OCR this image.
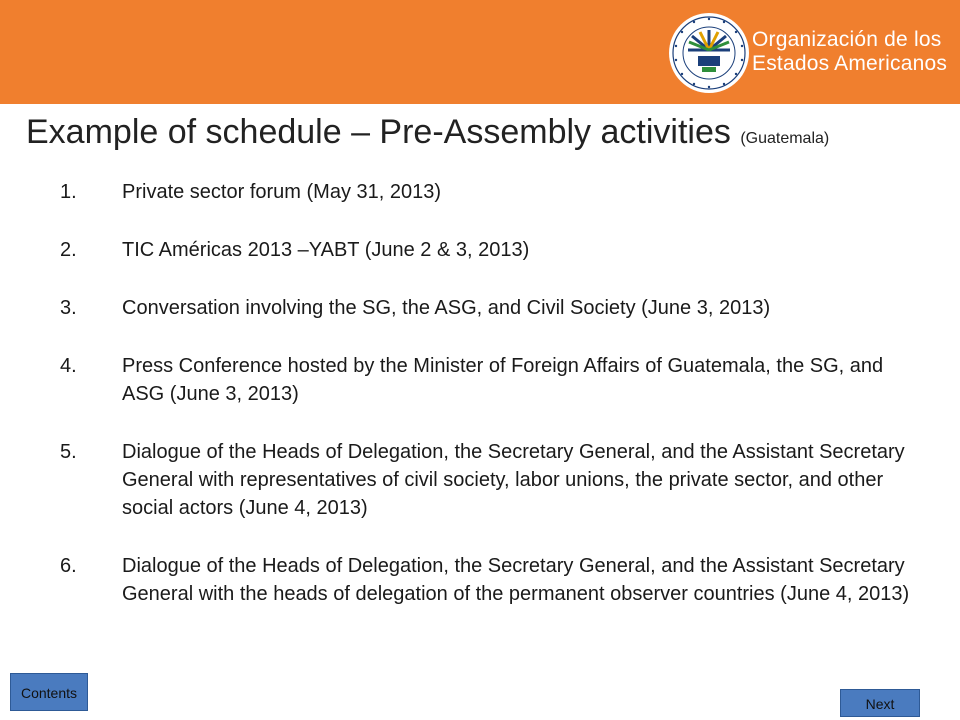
Organización de los
Estados Americanos
Example of schedule – Pre-Assembly activities (Guatemala)
1.	Private sector forum (May 31, 2013)
2.	TIC Américas 2013 –YABT (June 2 & 3, 2013)
3.	Conversation involving the SG, the ASG, and Civil Society (June 3, 2013)
4.	Press Conference hosted by the Minister of Foreign Affairs of Guatemala, the SG, and ASG (June 3, 2013)
5.	Dialogue of the Heads of Delegation, the Secretary General, and the Assistant Secretary General with representatives of civil society, labor unions, the private sector, and other social actors (June 4, 2013)
6.	Dialogue of the Heads of Delegation, the Secretary General, and the Assistant Secretary General with the heads of delegation of the permanent observer countries (June 4, 2013)
Contents
Next
